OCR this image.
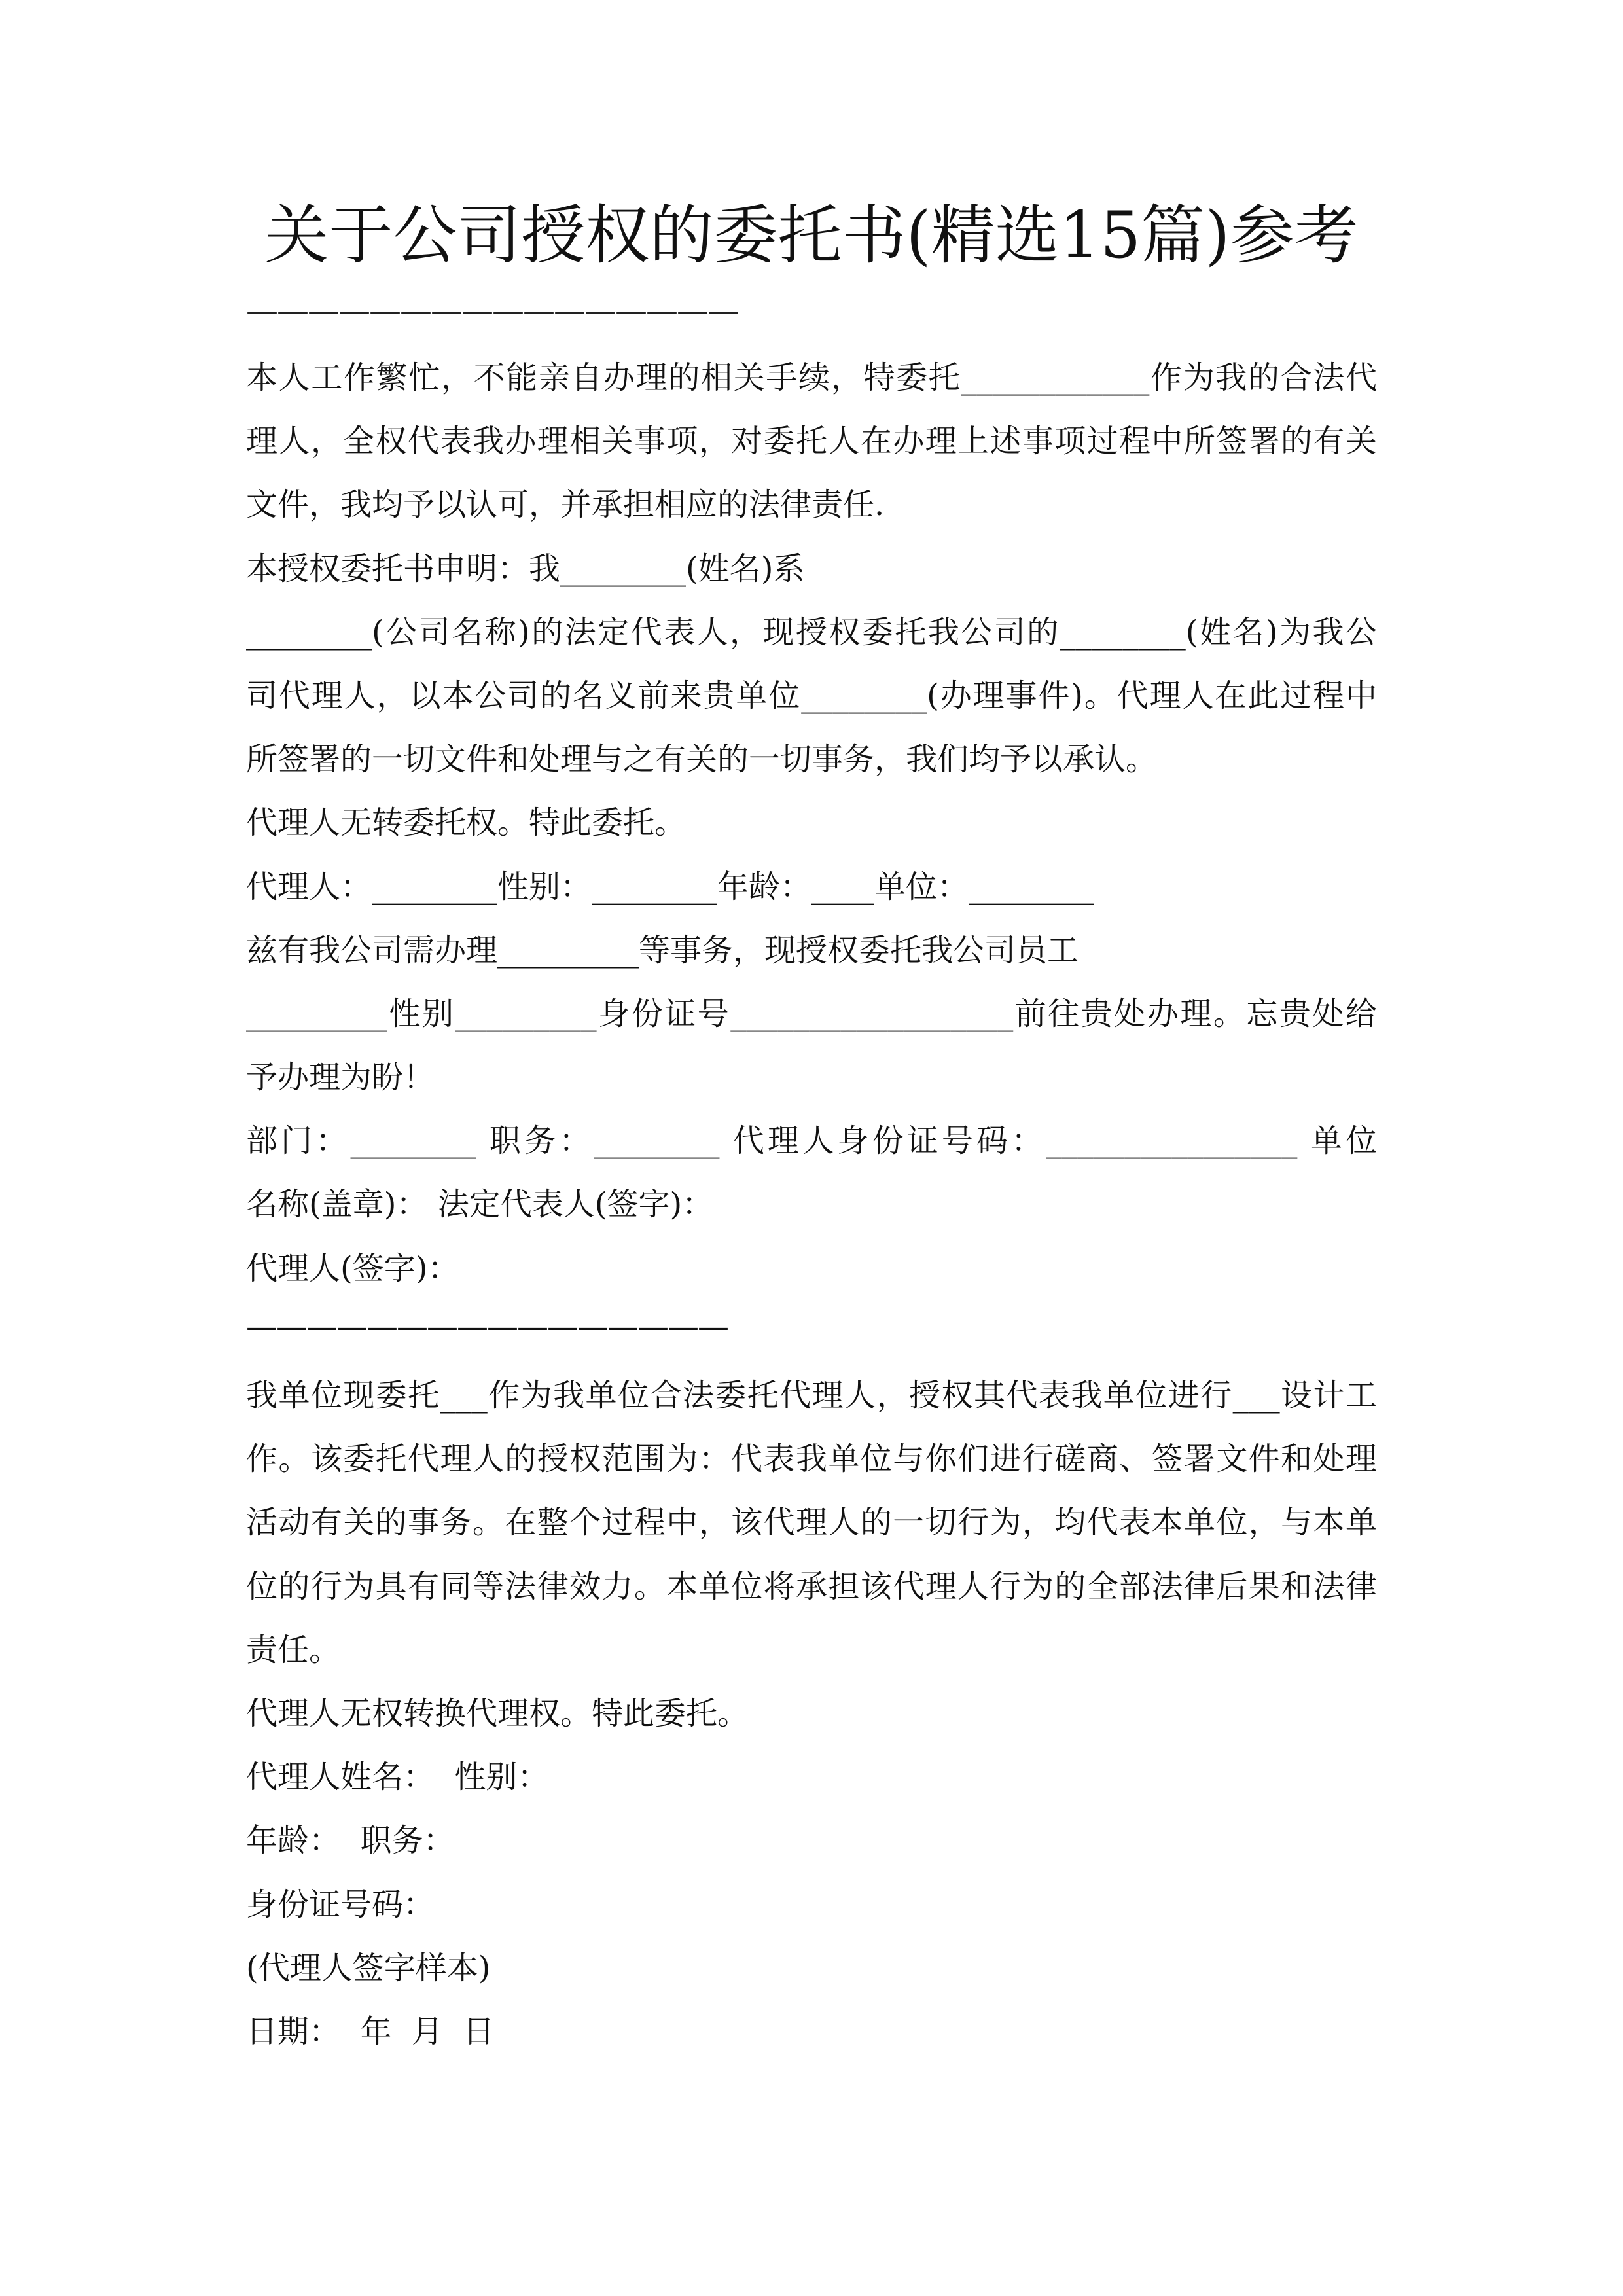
关于公司授权的委托书(精选15篇)参考
————————————————
本人工作繁忙，不能亲自办理的相关手续，特委托____________作为我的合法代
理人，全权代表我办理相关事项，对委托人在办理上述事项过程中所签署的有关
文件，我均予以认可，并承担相应的法律责任.
本授权委托书申明：我________(姓名)系
________(公司名称)的法定代表人，现授权委托我公司的________(姓名)为我公
司代理人，以本公司的名义前来贵单位________(办理事件)。代理人在此过程中
所签署的一切文件和处理与之有关的一切事务，我们均予以承认。
代理人无转委托权。特此委托。
代理人：________性别：________年龄：____单位：________
兹有我公司需办理_________等事务，现授权委托我公司员工
_________性别_________身份证号__________________前往贵处办理。忘贵处给
予办理为盼！
部门：________ 职务：________ 代理人身份证号码：________________ 单位
名称(盖章)： 法定代表人(签字)：
代理人(签字)：
————————————————
我单位现委托___作为我单位合法委托代理人，授权其代表我单位进行___设计工
作。该委托代理人的授权范围为：代表我单位与你们进行磋商、签署文件和处理
活动有关的事务。在整个过程中，该代理人的一切行为，均代表本单位，与本单
位的行为具有同等法律效力。本单位将承担该代理人行为的全部法律后果和法律
责任。
代理人无权转换代理权。特此委托。
代理人姓名：  性别：
年龄：  职务：
身份证号码：
(代理人签字样本)
日期：  年  月  日
